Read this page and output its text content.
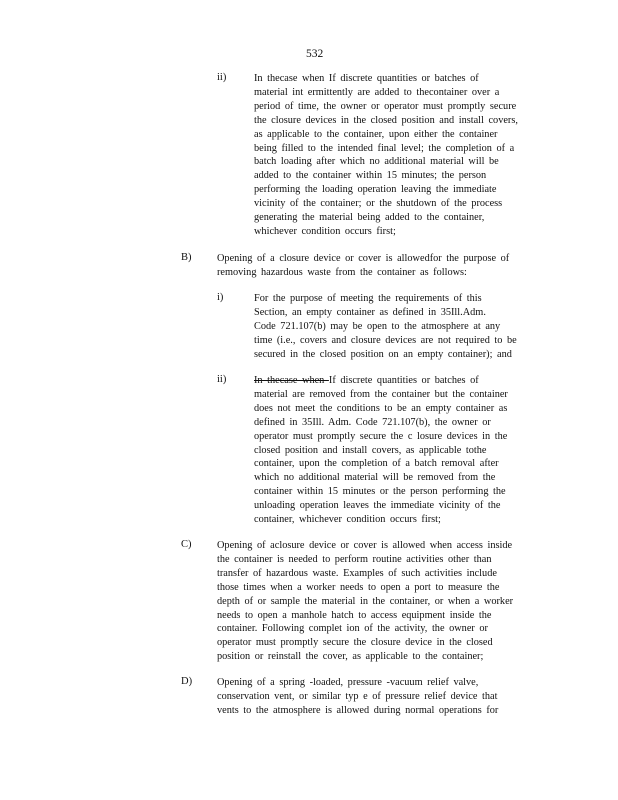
532
ii)	In thecase when If discrete quantities or batches of
material int ermittently are added to thecontainer over a
period of time, the owner or operator must promptly secure
the closure devices in the closed position and install covers,
as applicable to the container, upon either the container
being filled to the intended final level; the completion of a
batch loading after which no additional material will be
added to the container within 15 minutes; the person
performing the loading operation leaving the immediate
vicinity of the container; or the shutdown of the process
generating the material being added to the container,
whichever condition occurs first;
B) Opening of a closure device or cover is allowedfor the purpose of
removing hazardous waste from the container as follows:
i)	For the purpose of meeting the requirements of this
Section, an empty container as defined in 35Ill.Adm.
Code 721.107(b) may be open to the atmosphere at any
time (i.e., covers and closure devices are not required to be
secured in the closed position on an empty container); and
ii)	In thecase when If discrete quantities or batches of
material are removed from the container but the container
does not meet the conditions to be an empty container as
defined in 35Ill. Adm. Code 721.107(b), the owner or
operator must promptly secure the c losure devices in the
closed position and install covers, as applicable tothe
container, upon the completion of a batch removal after
which no additional material will be removed from the
container within 15 minutes or the person performing the
unloading operation leaves the immediate vicinity of the
container, whichever condition occurs first;
C) Opening of aclosure device or cover is allowed when access inside
the container is needed to perform routine activities other than
transfer of hazardous waste. Examples of such activities include
those times when a worker needs to open a port to measure the
depth of or sample the material in the container, or when a worker
needs to open a manhole hatch to access equipment inside the
container. Following complet ion of the activity, the owner or
operator must promptly secure the closure device in the closed
position or reinstall the cover, as applicable to the container;
D) Opening of a spring -loaded, pressure -vacuum relief valve,
conservation vent, or similar typ e of pressure relief device that
vents to the atmosphere is allowed during normal operations for
